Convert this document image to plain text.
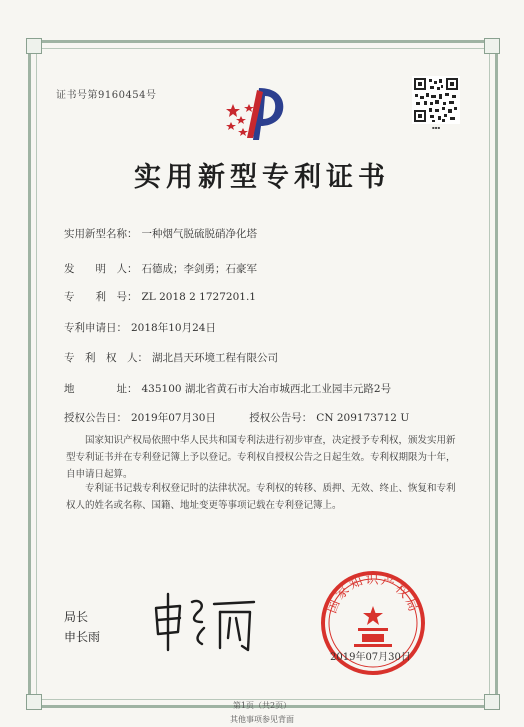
证书号第9160454号
▪▪▪
实用新型专利证书
实用新型名称： 一种烟气脱硫脱硝净化塔
发　　明　人： 石德成；李剑勇；石豪军
专　　利　号： ZL 2018 2 1727201.1
专利申请日： 2018年10月24日
专　利　权　人： 湖北昌天环境工程有限公司
地　　　　址： 435100 湖北省黄石市大冶市城西北工业园丰元路2号
授权公告日： 2019年07月30日	授权公告号： CN 209173712 U

国家知识产权局依照中华人民共和国专利法进行初步审查，决定授予专利权，颁发实用新型专利证书并在专利登记簿上予以登记。专利权自授权公告之日起生效。专利权期限为十年，自申请日起算。

专利证书记载专利权登记时的法律状况。专利权的转移、质押、无效、终止、恢复和专利权人的姓名或名称、国籍、地址变更等事项记载在专利登记簿上。

局长
申长雨
国家知识产权局
2019年07月30日
第1页（共2页）
其他事项参见背面
